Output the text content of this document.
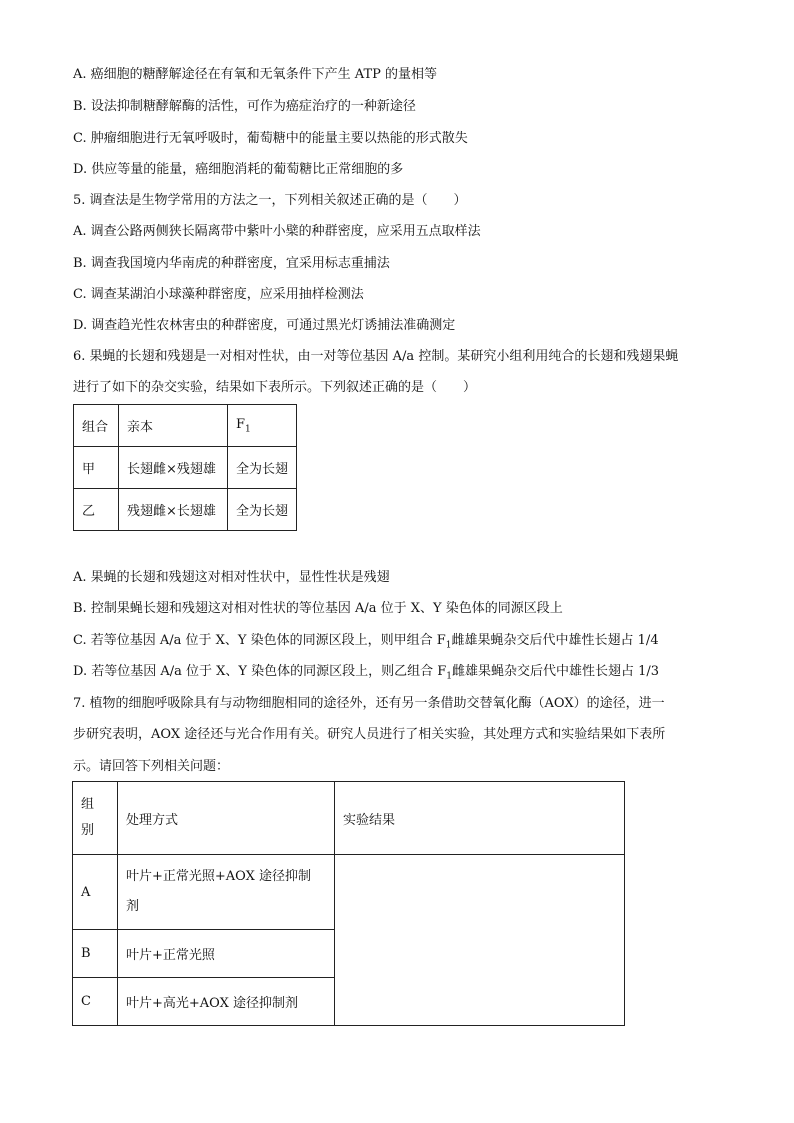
A. 癌细胞的糖酵解途径在有氧和无氧条件下产生 ATP 的量相等
B. 设法抑制糖酵解酶的活性，可作为癌症治疗的一种新途径
C. 肿瘤细胞进行无氧呼吸时，葡萄糖中的能量主要以热能的形式散失
D. 供应等量的能量，癌细胞消耗的葡萄糖比正常细胞的多
5. 调查法是生物学常用的方法之一，下列相关叙述正确的是（　　）
A. 调查公路两侧狭长隔离带中紫叶小檗的种群密度，应采用五点取样法
B. 调查我国境内华南虎的种群密度，宜采用标志重捕法
C. 调查某湖泊小球藻种群密度，应采用抽样检测法
D. 调查趋光性农林害虫的种群密度，可通过黑光灯诱捕法准确测定
6. 果蝇的长翅和残翅是一对相对性状，由一对等位基因 A/a 控制。某研究小组利用纯合的长翅和残翅果蝇
进行了如下的杂交实验，结果如下表所示。下列叙述正确的是（　　）
组合	亲本	$F_1$
甲	长翅雌×残翅雄	全为长翅
乙	残翅雌×长翅雄	全为长翅
A. 果蝇的长翅和残翅这对相对性状中，显性性状是残翅
B. 控制果蝇长翅和残翅这对相对性状的等位基因 A/a 位于 X、Y 染色体的同源区段上
C. 若等位基因 A/a 位于 X、Y 染色体的同源区段上，则甲组合 $F_1$雌雄果蝇杂交后代中雄性长翅占 1/4
D. 若等位基因 A/a 位于 X、Y 染色体的同源区段上，则乙组合 $F_1$雌雄果蝇杂交后代中雄性长翅占 1/3
7. 植物的细胞呼吸除具有与动物细胞相同的途径外，还有另一条借助交替氧化酶（AOX）的途径，进一
步研究表明，AOX 途径还与光合作用有关。研究人员进行了相关实验，其处理方式和实验结果如下表所
示。请回答下列相关问题：
组
别	处理方式	实验结果
A	叶片+正常光照+AOX 途径抑制
剂	
B	叶片+正常光照	
C	叶片+高光+AOX 途径抑制剂	
